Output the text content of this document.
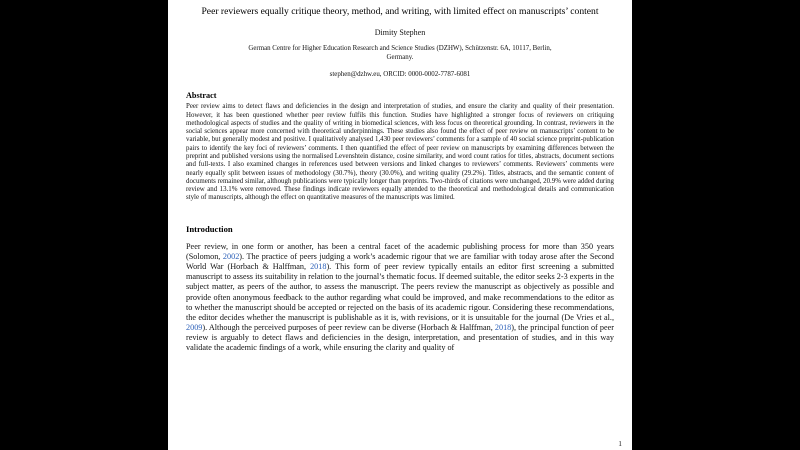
Peer reviewers equally critique theory, method, and writing, with limited effect on manuscripts’ content
Dimity Stephen
German Centre for Higher Education Research and Science Studies (DZHW), Schützenstr. 6A, 10117, Berlin, Germany.
stephen@dzhw.eu, ORCID: 0000-0002-7787-6081
Abstract

Peer review aims to detect flaws and deficiencies in the design and interpretation of studies, and ensure the clarity and quality of their presentation. However, it has been questioned whether peer review fulfils this function. Studies have highlighted a stronger focus of reviewers on critiquing methodological aspects of studies and the quality of writing in biomedical sciences, with less focus on theoretical grounding. In contrast, reviewers in the social sciences appear more concerned with theoretical underpinnings. These studies also found the effect of peer review on manuscripts’ content to be variable, but generally modest and positive. I qualitatively analysed 1,430 peer reviewers’ comments for a sample of 40 social science preprint-publication pairs to identify the key foci of reviewers’ comments. I then quantified the effect of peer review on manuscripts by examining differences between the preprint and published versions using the normalised Levenshtein distance, cosine similarity, and word count ratios for titles, abstracts, document sections and full-texts. I also examined changes in references used between versions and linked changes to reviewers’ comments. Reviewers’ comments were nearly equally split between issues of methodology (30.7%), theory (30.0%), and writing quality (29.2%). Titles, abstracts, and the semantic content of documents remained similar, although publications were typically longer than preprints. Two-thirds of citations were unchanged, 20.9% were added during review and 13.1% were removed. These findings indicate reviewers equally attended to the theoretical and methodological details and communication style of manuscripts, although the effect on quantitative measures of the manuscripts was limited.

Introduction

Peer review, in one form or another, has been a central facet of the academic publishing process for more than 350 years (Solomon, 2002). The practice of peers judging a work’s academic rigour that we are familiar with today arose after the Second World War (Horbach & Halffman, 2018). This form of peer review typically entails an editor first screening a submitted manuscript to assess its suitability in relation to the journal’s thematic focus. If deemed suitable, the editor seeks 2-3 experts in the subject matter, as peers of the author, to assess the manuscript. The peers review the manuscript as objectively as possible and provide often anonymous feedback to the author regarding what could be improved, and make recommendations to the editor as to whether the manuscript should be accepted or rejected on the basis of its academic rigour. Considering these recommendations, the editor decides whether the manuscript is publishable as it is, with revisions, or it is unsuitable for the journal (De Vries et al., 2009). Although the perceived purposes of peer review can be diverse (Horbach & Halffman, 2018), the principal function of peer review is arguably to detect flaws and deficiencies in the design, interpretation, and presentation of studies, and in this way validate the academic findings of a work, while ensuring the clarity and quality of

1
